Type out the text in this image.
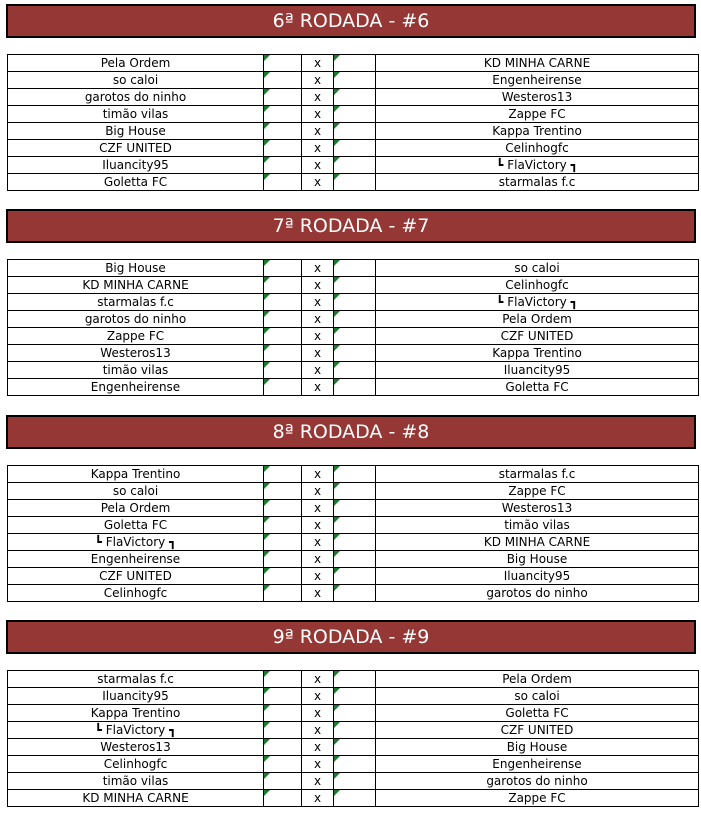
6ª RODADA - #6
Pela Ordem		x		KD MINHA CARNE
so caloi		x		Engenheirense
garotos do ninho		x		Westeros13
timão vilas		x		Zappe FC
Big House		x		Kappa Trentino
CZF UNITED		x		Celinhogfc
Iluancity95		x		┗ FlaVictory ┓
Goletta FC		x		starmalas f.c
7ª RODADA - #7
Big House		x		so caloi
KD MINHA CARNE		x		Celinhogfc
starmalas f.c		x		┗ FlaVictory ┓
garotos do ninho		x		Pela Ordem
Zappe FC		x		CZF UNITED
Westeros13		x		Kappa Trentino
timão vilas		x		Iluancity95
Engenheirense		x		Goletta FC
8ª RODADA - #8
Kappa Trentino		x		starmalas f.c
so caloi		x		Zappe FC
Pela Ordem		x		Westeros13
Goletta FC		x		timão vilas
┗ FlaVictory ┓		x		KD MINHA CARNE
Engenheirense		x		Big House
CZF UNITED		x		Iluancity95
Celinhogfc		x		garotos do ninho
9ª RODADA - #9
starmalas f.c		x		Pela Ordem
Iluancity95		x		so caloi
Kappa Trentino		x		Goletta FC
┗ FlaVictory ┓		x		CZF UNITED
Westeros13		x		Big House
Celinhogfc		x		Engenheirense
timão vilas		x		garotos do ninho
KD MINHA CARNE		x		Zappe FC
